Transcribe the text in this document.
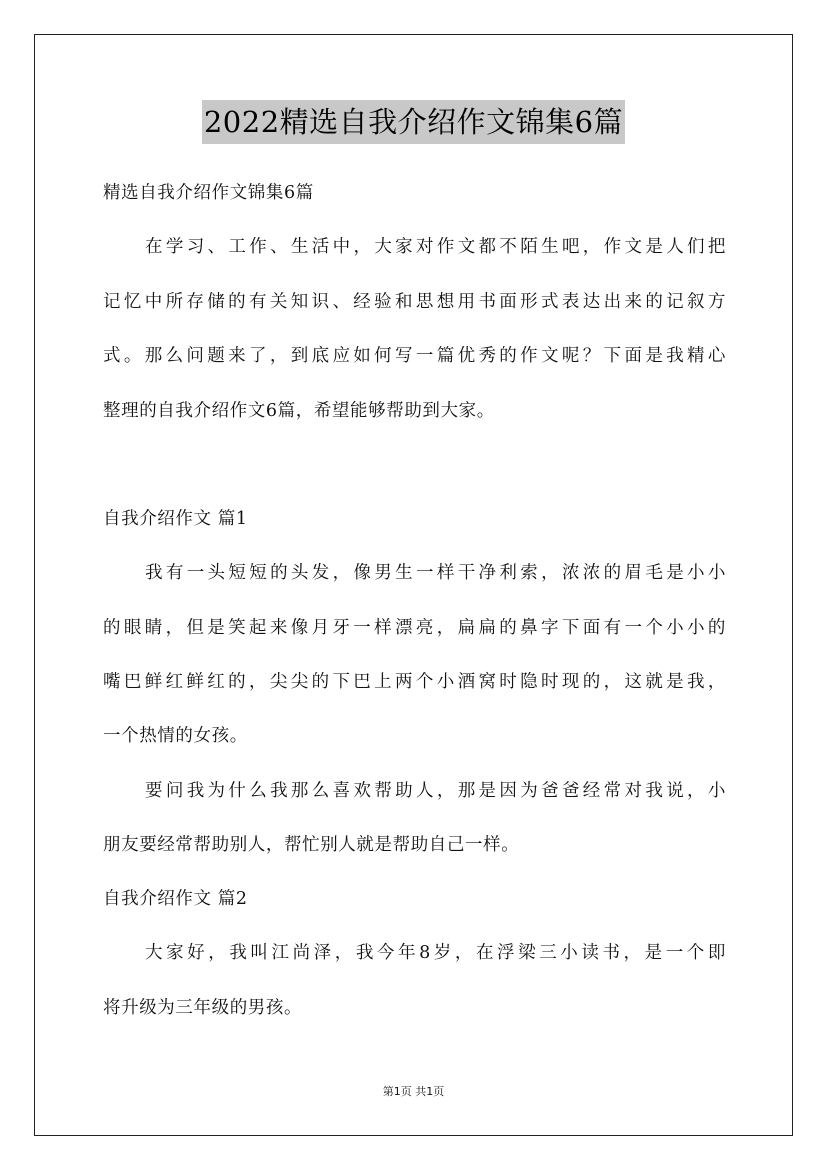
2022精选自我介绍作文锦集6篇
精选自我介绍作文锦集6篇
在学习、工作、生活中，大家对作文都不陌生吧，作文是人们把
记忆中所存储的有关知识、经验和思想用书面形式表达出来的记叙方
式。那么问题来了，到底应如何写一篇优秀的作文呢？下面是我精心
整理的自我介绍作文6篇，希望能够帮助到大家。
自我介绍作文 篇1
我有一头短短的头发，像男生一样干净利索，浓浓的眉毛是小小
的眼睛，但是笑起来像月牙一样漂亮，扁扁的鼻字下面有一个小小的
嘴巴鲜红鲜红的，尖尖的下巴上两个小酒窝时隐时现的，这就是我，
一个热情的女孩。
要问我为什么我那么喜欢帮助人，那是因为爸爸经常对我说，小
朋友要经常帮助别人，帮忙别人就是帮助自己一样。
自我介绍作文 篇2
大家好，我叫江尚泽，我今年8岁，在浮梁三小读书，是一个即
将升级为三年级的男孩。
第1页 共1页
